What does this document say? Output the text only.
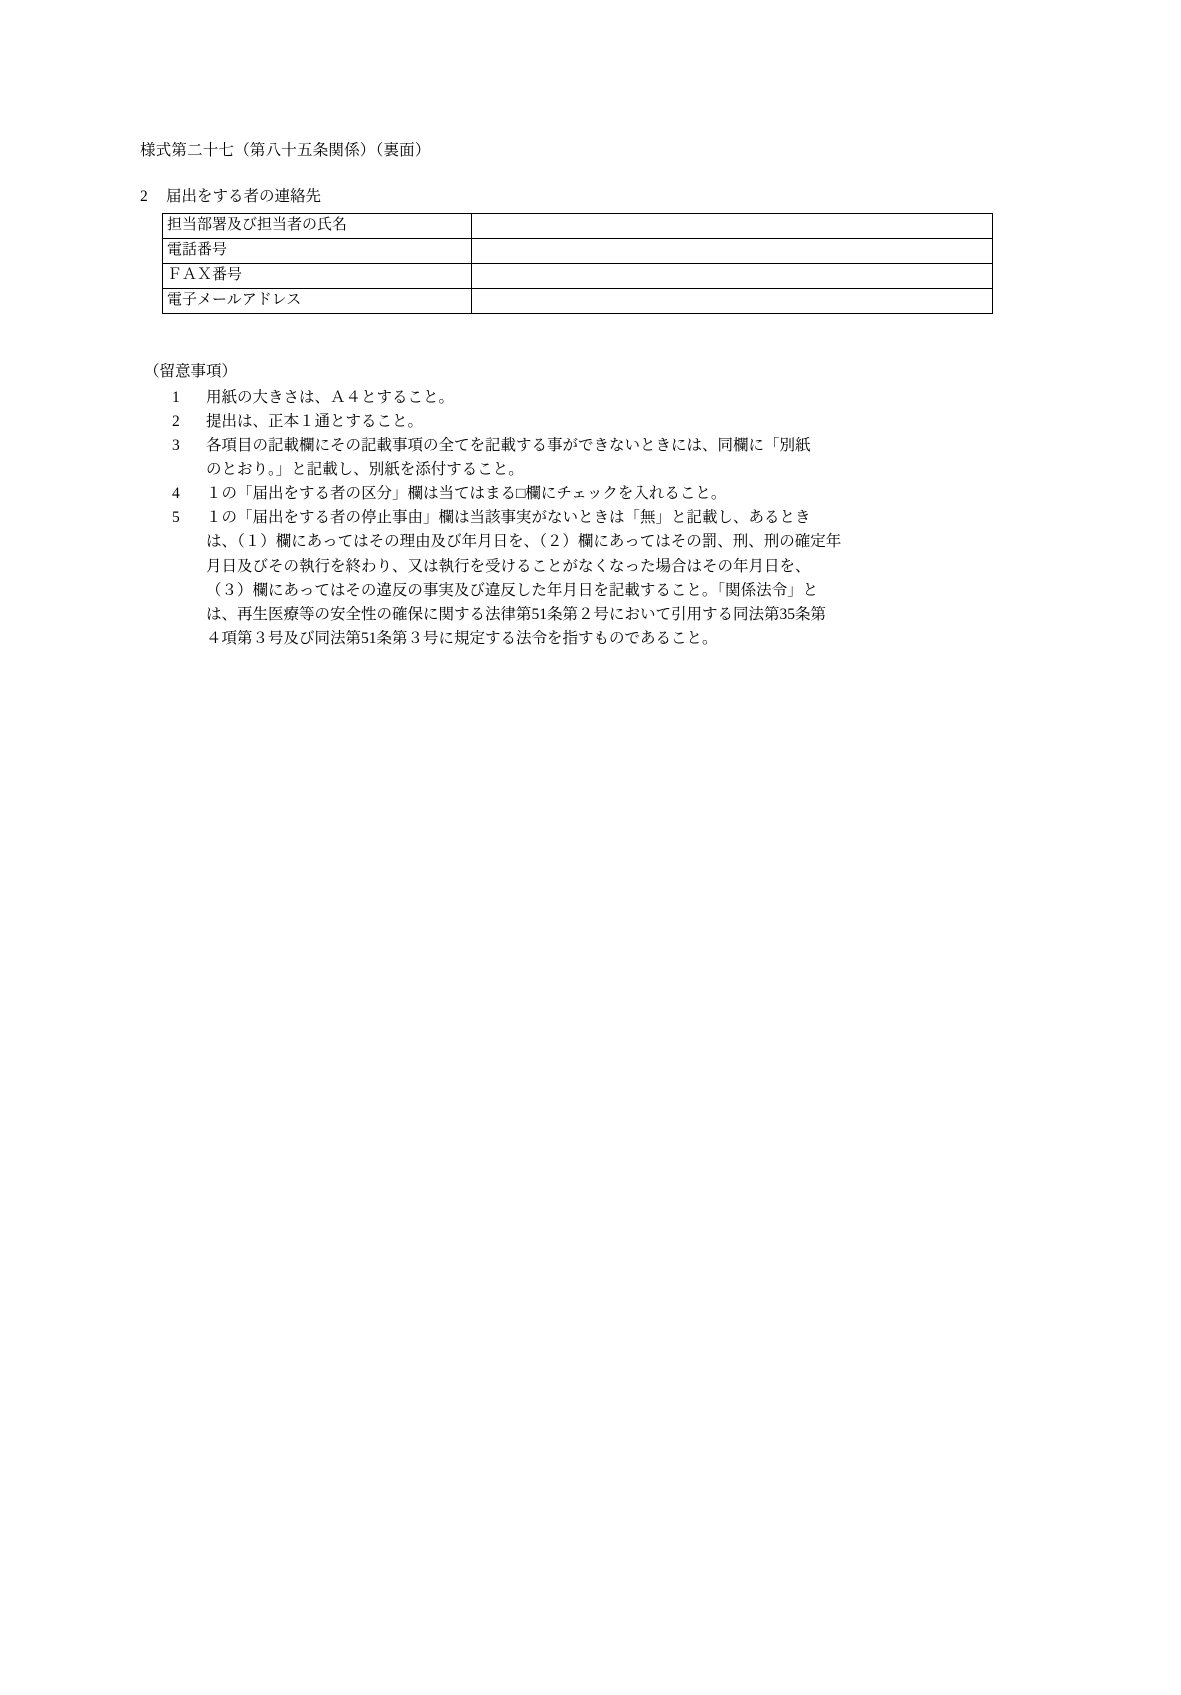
様式第二十七（第八十五条関係）（裏面）
2 届出をする者の連絡先
担当部署及び担当者の氏名	
電話番号	
ＦＡＸ番号	
電子メールアドレス	
（留意事項）
1	用紙の大きさは、Ａ４とすること。
2	提出は、正本１通とすること。
3	各項目の記載欄にその記載事項の全てを記載する事ができないときには、同欄に「別紙
のとおり。」と記載し、別紙を添付すること。
4	１の「届出をする者の区分」欄は当てはまる□欄にチェックを入れること。
5	１の「届出をする者の停止事由」欄は当該事実がないときは「無」と記載し、あるとき
は、（１）欄にあってはその理由及び年月日を、（２）欄にあってはその罰、刑、刑の確定年
月日及びその執行を終わり、又は執行を受けることがなくなった場合はその年月日を、
（３）欄にあってはその違反の事実及び違反した年月日を記載すること。「関係法令」と
は、再生医療等の安全性の確保に関する法律第51条第２号において引用する同法第35条第
４項第３号及び同法第51条第３号に規定する法令を指すものであること。
